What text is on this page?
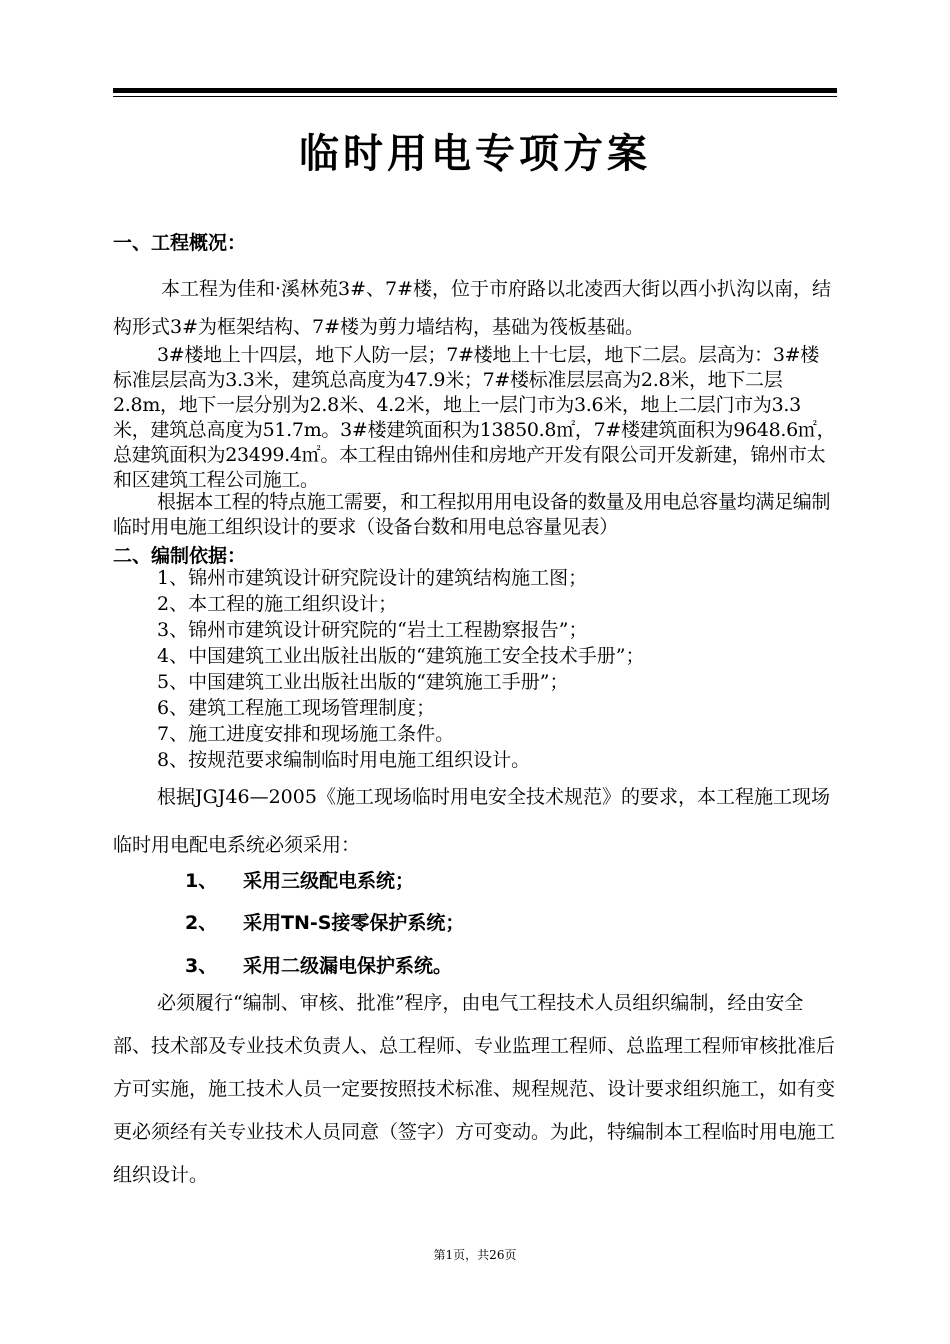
临时用电专项方案
一、工程概况：
本工程为佳和·溪林苑3#、7#楼，位于市府路以北凌西大街以西小扒沟以南，结构形式3#为框架结构、7#楼为剪力墙结构，基础为筏板基础。
3#楼地上十四层，地下人防一层；7#楼地上十七层，地下二层。层高为：3#楼标准层层高为3.3米，建筑总高度为47.9米；7#楼标准层层高为2.8米，地下二层2.8m，地下一层分别为2.8米、4.2米，地上一层门市为3.6米，地上二层门市为3.3米，建筑总高度为51.7m。3#楼建筑面积为13850.8㎡，7#楼建筑面积为9648.6㎡，总建筑面积为23499.4㎡。本工程由锦州佳和房地产开发有限公司开发新建，锦州市太和区建筑工程公司施工。
根据本工程的特点施工需要，和工程拟用用电设备的数量及用电总容量均满足编制临时用电施工组织设计的要求（设备台数和用电总容量见表）
二、编制依据：
1、锦州市建筑设计研究院设计的建筑结构施工图；
2、本工程的施工组织设计；
3、锦州市建筑设计研究院的“岩土工程勘察报告”；
4、中国建筑工业出版社出版的“建筑施工安全技术手册”；
5、中国建筑工业出版社出版的“建筑施工手册”；
6、建筑工程施工现场管理制度；
7、施工进度安排和现场施工条件。
8、按规范要求编制临时用电施工组织设计。
根据JGJ46—2005《施工现场临时用电安全技术规范》的要求，本工程施工现场临时用电配电系统必须采用：
1、 采用三级配电系统；
2、 采用TN-S接零保护系统；
3、 采用二级漏电保护系统。
必须履行“编制、审核、批准”程序，由电气工程技术人员组织编制，经由安全部、技术部及专业技术负责人、总工程师、专业监理工程师、总监理工程师审核批准后方可实施，施工技术人员一定要按照技术标准、规程规范、设计要求组织施工，如有变更必须经有关专业技术人员同意（签字）方可变动。为此，特编制本工程临时用电施工组织设计。
第1页，共26页
